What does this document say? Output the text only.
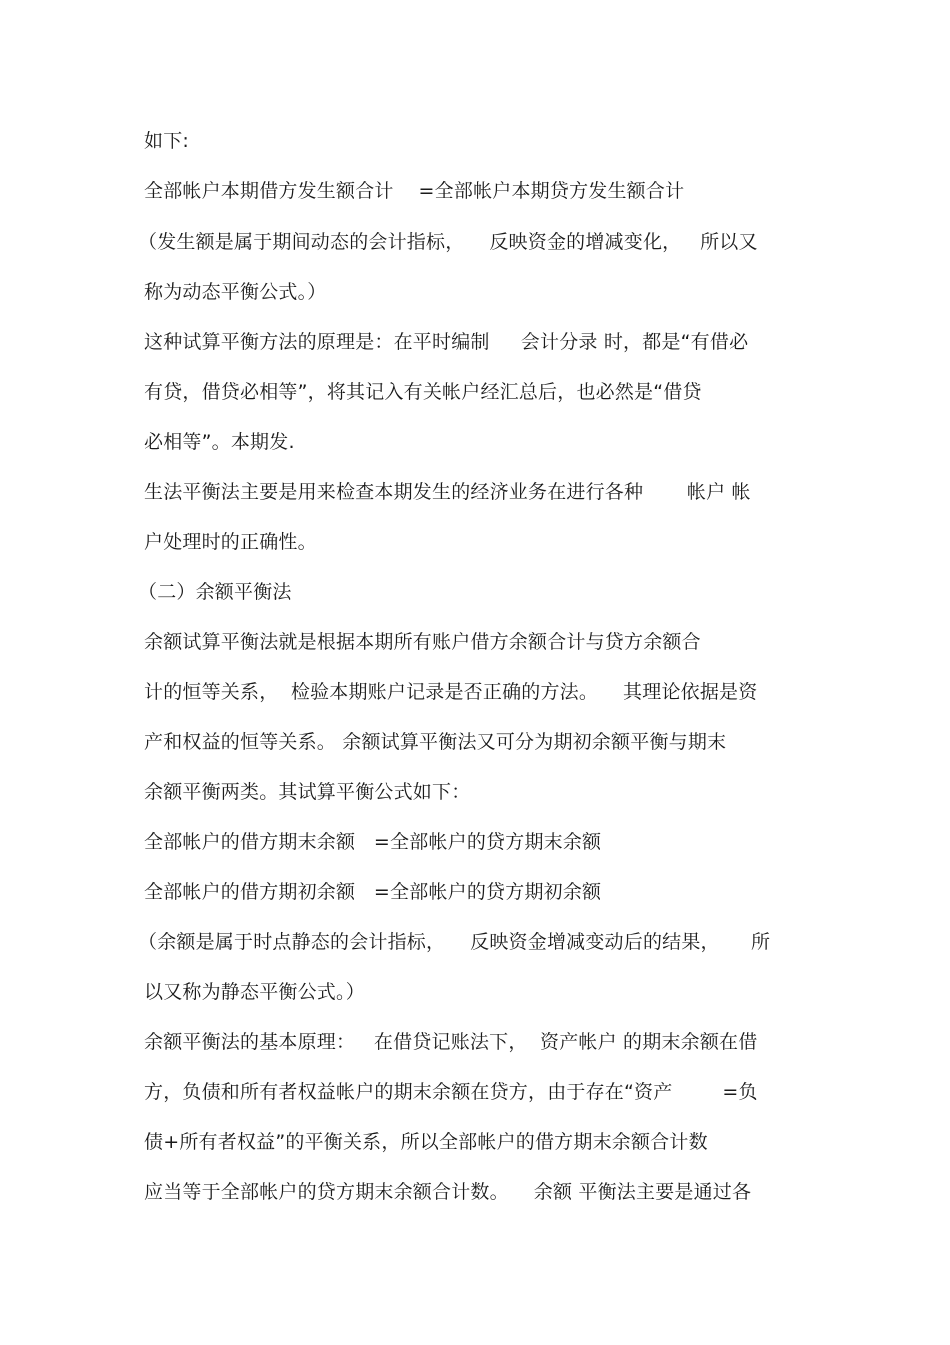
如下:
全部帐户本期借方发生额合计    =全部帐户本期贷方发生额合计
（发生额是属于期间动态的会计指标，    反映资金的增减变化，   所以又
称为动态平衡公式。）
这种试算平衡方法的原理是：在平时编制     会计分录 时，都是“有借必
有贷，借贷必相等”，将其记入有关帐户经汇总后，也必然是“借贷
必相等”。本期发.
生法平衡法主要是用来检查本期发生的经济业务在进行各种       帐户 帐
户处理时的正确性。
（二）余额平衡法
余额试算平衡法就是根据本期所有账户借方余额合计与贷方余额合
计的恒等关系，  检验本期账户记录是否正确的方法。    其理论依据是资
产和权益的恒等关系。 余额试算平衡法又可分为期初余额平衡与期末
余额平衡两类。其试算平衡公式如下：
全部帐户的借方期末余额   =全部帐户的贷方期末余额
全部帐户的借方期初余额   =全部帐户的贷方期初余额
（余额是属于时点静态的会计指标，    反映资金增减变动后的结果，     所
以又称为静态平衡公式。）
余额平衡法的基本原理：   在借贷记账法下，  资产帐户 的期末余额在借
方，负债和所有者权益帐户的期末余额在贷方，由于存在“资产        =负
债+所有者权益”的平衡关系，所以全部帐户的借方期末余额合计数
应当等于全部帐户的贷方期末余额合计数。    余额 平衡法主要是通过各
